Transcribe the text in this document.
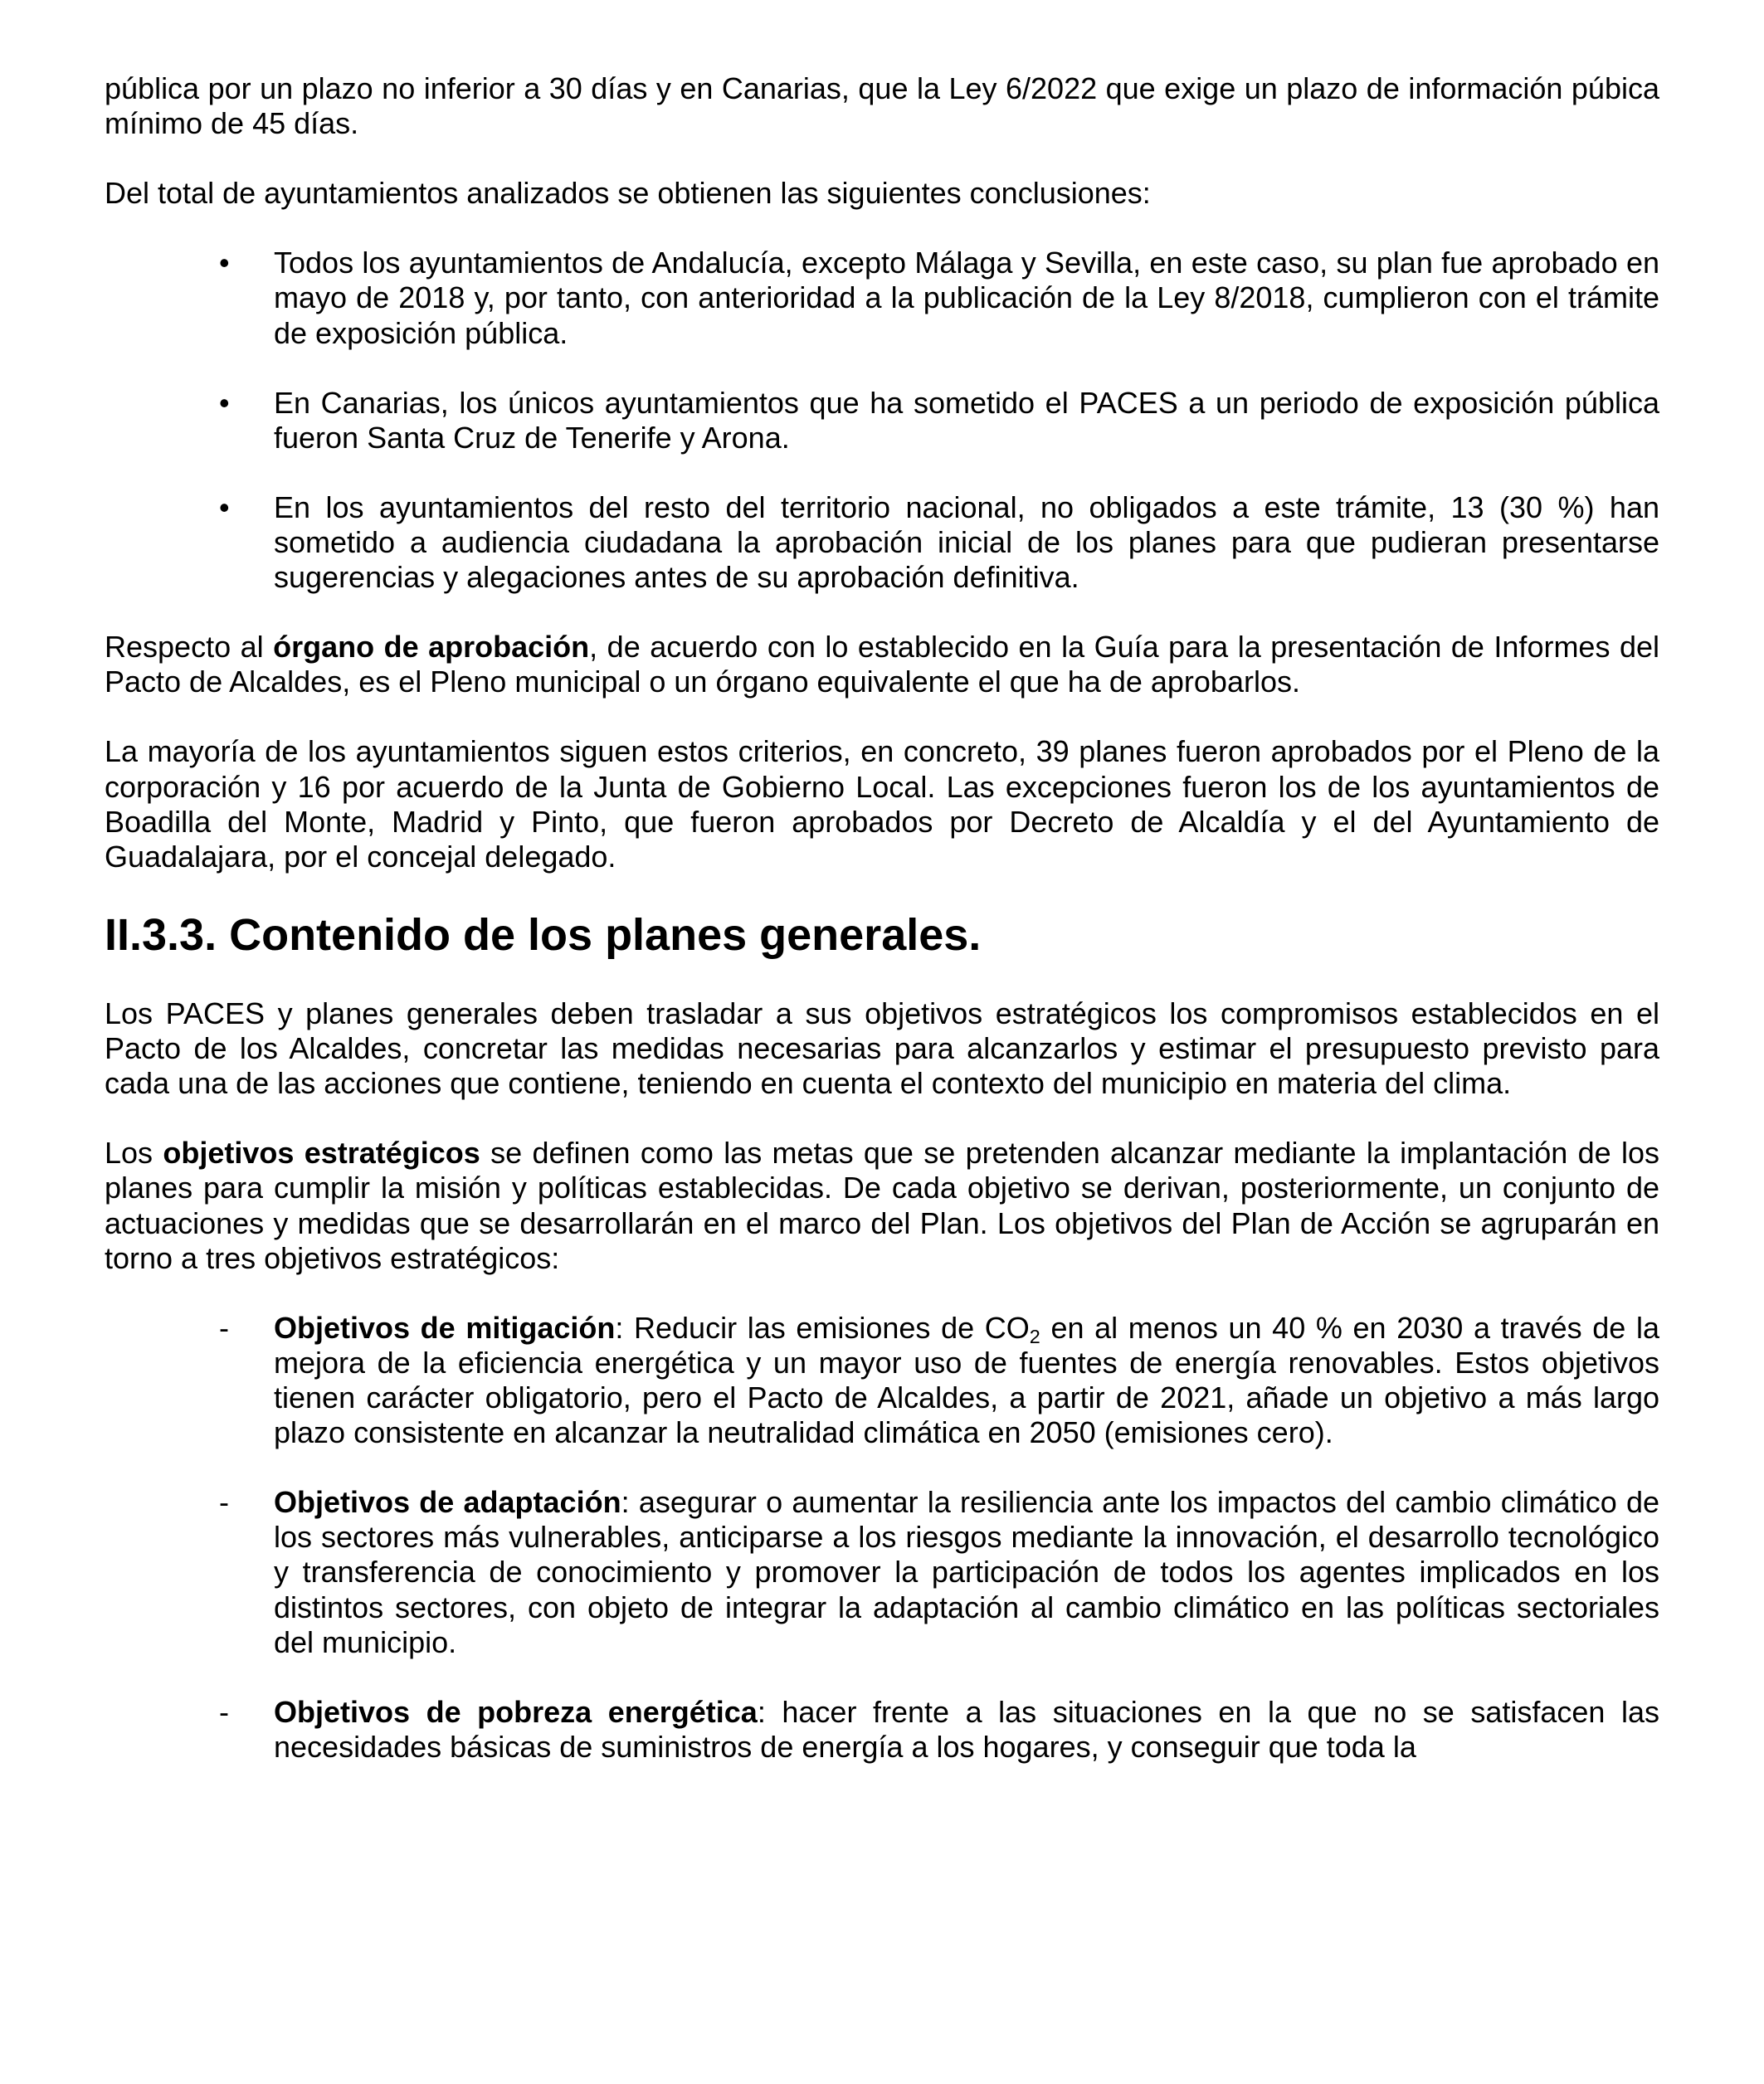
pública por un plazo no inferior a 30 días y en Canarias, que la Ley 6/2022 que exige un plazo de información púbica mínimo de 45 días.

Del total de ayuntamientos analizados se obtienen las siguientes conclusiones:

•	Todos los ayuntamientos de Andalucía, excepto Málaga y Sevilla, en este caso, su plan fue aprobado en mayo de 2018 y, por tanto, con anterioridad a la publicación de la Ley 8/2018, cumplieron con el trámite de exposición pública.
•	En Canarias, los únicos ayuntamientos que ha sometido el PACES a un periodo de exposición pública fueron Santa Cruz de Tenerife y Arona.
•	En los ayuntamientos del resto del territorio nacional, no obligados a este trámite, 13 (30 %) han sometido a audiencia ciudadana la aprobación inicial de los planes para que pudieran presentarse sugerencias y alegaciones antes de su aprobación definitiva.

Respecto al órgano de aprobación, de acuerdo con lo establecido en la Guía para la presentación de Informes del Pacto de Alcaldes, es el Pleno municipal o un órgano equivalente el que ha de aprobarlos.

La mayoría de los ayuntamientos siguen estos criterios, en concreto, 39 planes fueron aprobados por el Pleno de la corporación y 16 por acuerdo de la Junta de Gobierno Local. Las excepciones fueron los de los ayuntamientos de Boadilla del Monte, Madrid y Pinto, que fueron aprobados por Decreto de Alcaldía y el del Ayuntamiento de Guadalajara, por el concejal delegado.

II.3.3. Contenido de los planes generales.

Los PACES y planes generales deben trasladar a sus objetivos estratégicos los compromisos establecidos en el Pacto de los Alcaldes, concretar las medidas necesarias para alcanzarlos y estimar el presupuesto previsto para cada una de las acciones que contiene, teniendo en cuenta el contexto del municipio en materia del clima.

Los objetivos estratégicos se definen como las metas que se pretenden alcanzar mediante la implantación de los planes para cumplir la misión y políticas establecidas. De cada objetivo se derivan, posteriormente, un conjunto de actuaciones y medidas que se desarrollarán en el marco del Plan. Los objetivos del Plan de Acción se agruparán en torno a tres objetivos estratégicos:

-	Objetivos de mitigación: Reducir las emisiones de $CO_2$ en al menos un 40 % en 2030 a través de la mejora de la eficiencia energética y un mayor uso de fuentes de energía renovables. Estos objetivos tienen carácter obligatorio, pero el Pacto de Alcaldes, a partir de 2021, añade un objetivo a más largo plazo consistente en alcanzar la neutralidad climática en 2050 (emisiones cero).
-	Objetivos de adaptación: asegurar o aumentar la resiliencia ante los impactos del cambio climático de los sectores más vulnerables, anticiparse a los riesgos mediante la innovación, el desarrollo tecnológico y transferencia de conocimiento y promover la participación de todos los agentes implicados en los distintos sectores, con objeto de integrar la adaptación al cambio climático en las políticas sectoriales del municipio.
-	Objetivos de pobreza energética: hacer frente a las situaciones en la que no se satisfacen las necesidades básicas de suministros de energía a los hogares, y conseguir que toda la
